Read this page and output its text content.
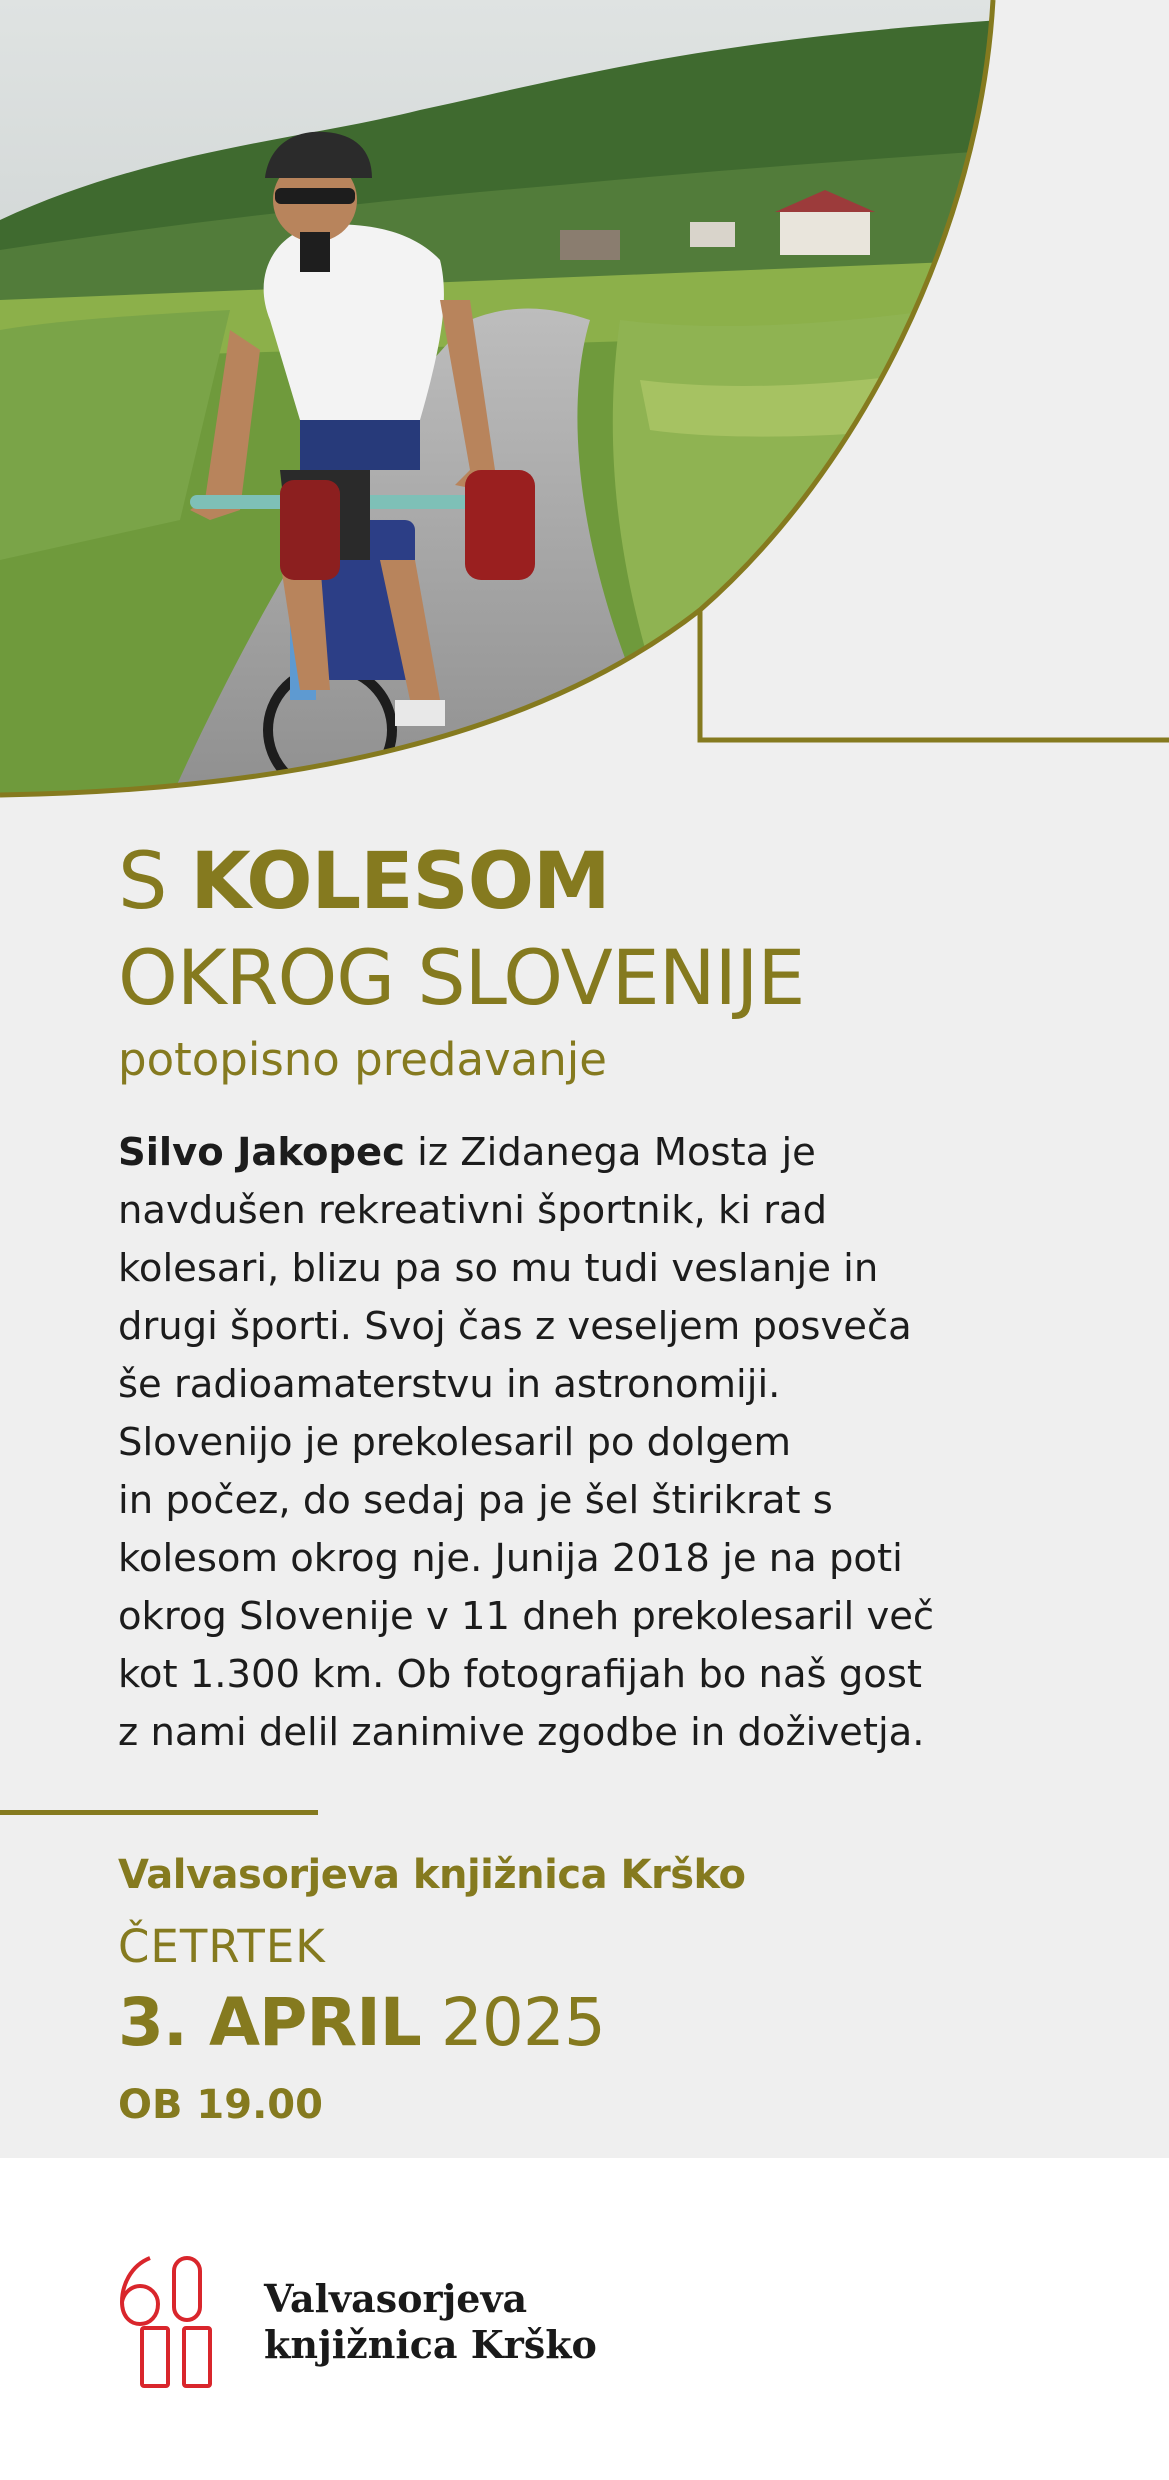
S KOLESOM
OKROG SLOVENIJE
potopisno predavanje
Silvo Jakopec iz Zidanega Mosta je
navdušen rekreativni športnik, ki rad
kolesari, blizu pa so mu tudi veslanje in
drugi športi. Svoj čas z veseljem posveča
še radioamaterstvu in astronomiji.
Slovenijo je prekolesaril po dolgem
in počez, do sedaj pa je šel štirikrat s
kolesom okrog nje. Junija 2018 je na poti
okrog Slovenije v 11 dneh prekolesaril več
kot 1.300 km. Ob fotografijah bo naš gost
z nami delil zanimive zgodbe in doživetja.
Valvasorjeva knjižnica Krško
ČETRTEK
3. APRIL 2025
OB 19.00
Valvasorjeva
knjižnica Krško
